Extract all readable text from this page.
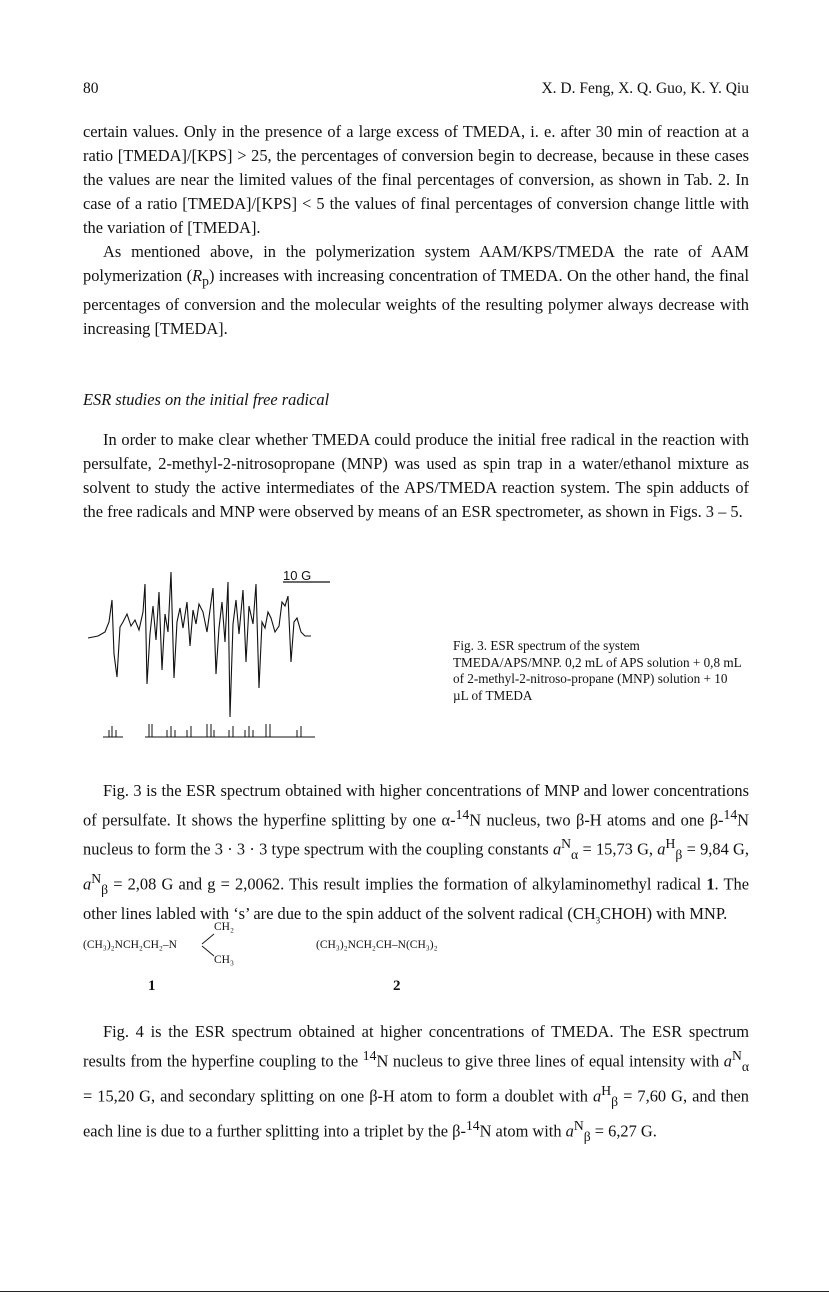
80	X. D. Feng, X. Q. Guo, K. Y. Qiu

certain values. Only in the presence of a large excess of TMEDA, i. e. after 30 min of reaction at a ratio [TMEDA]/[KPS] > 25, the percentages of conversion begin to decrease, because in these cases the values are near the limited values of the final percentages of conversion, as shown in Tab. 2. In case of a ratio [TMEDA]/[KPS] < 5 the values of final percentages of conversion change little with the variation of [TMEDA].

As mentioned above, in the polymerization system AAM/KPS/TMEDA the rate of AAM polymerization $(R_p)$ increases with increasing concentration of TMEDA. On the other hand, the final percentages of conversion and the molecular weights of the resulting polymer always decrease with increasing [TMEDA].

ESR studies on the initial free radical

In order to make clear whether TMEDA could produce the initial free radical in the reaction with persulfate, 2-methyl-2-nitrosopropane (MNP) was used as spin trap in a water/ethanol mixture as solvent to study the active intermediates of the APS/TMEDA reaction system. The spin adducts of the free radicals and MNP were observed by means of an ESR spectrometer, as shown in Figs. 3 – 5.

10 G
Fig. 3. ESR spectrum of the system TMEDA/APS/MNP. 0,2 mL of APS solution + 0,8 mL of 2-methyl-2-nitroso-propane (MNP) solution + 10 µL of TMEDA

Fig. 3 is the ESR spectrum obtained with higher concentrations of MNP and lower concentrations of persulfate. It shows the hyperfine splitting by one α-$^{14}$N nucleus, two β-H atoms and one β-$^{14}$N nucleus to form the 3 · 3 · 3 type spectrum with the coupling constants $a^N_\alpha = 15,73$ G, $a^H_\beta = 9,84$ G, $a^N_\beta = 2,08$ G and g = 2,0062. This result implies the formation of alkylaminomethyl radical 1. The other lines labled with ‘s’ are due to the spin adduct of the solvent radical $(CH_3CHOH)$ with MNP.

(CH₃)₂NCH₂CH₂–N
CH₂
CH₃
(CH₃)₂NCH₂CH–N(CH₃)₂
1	2

Fig. 4 is the ESR spectrum obtained at higher concentrations of TMEDA. The ESR spectrum results from the hyperfine coupling to the $^{14}$N nucleus to give three lines of equal intensity with $a^N_\alpha = 15,20$ G, and secondary splitting on one β-H atom to form a doublet with $a^H_\beta = 7,60$ G, and then each line is due to a further splitting into a triplet by the β-$^{14}$N atom with $a^N_\beta = 6,27$ G.
